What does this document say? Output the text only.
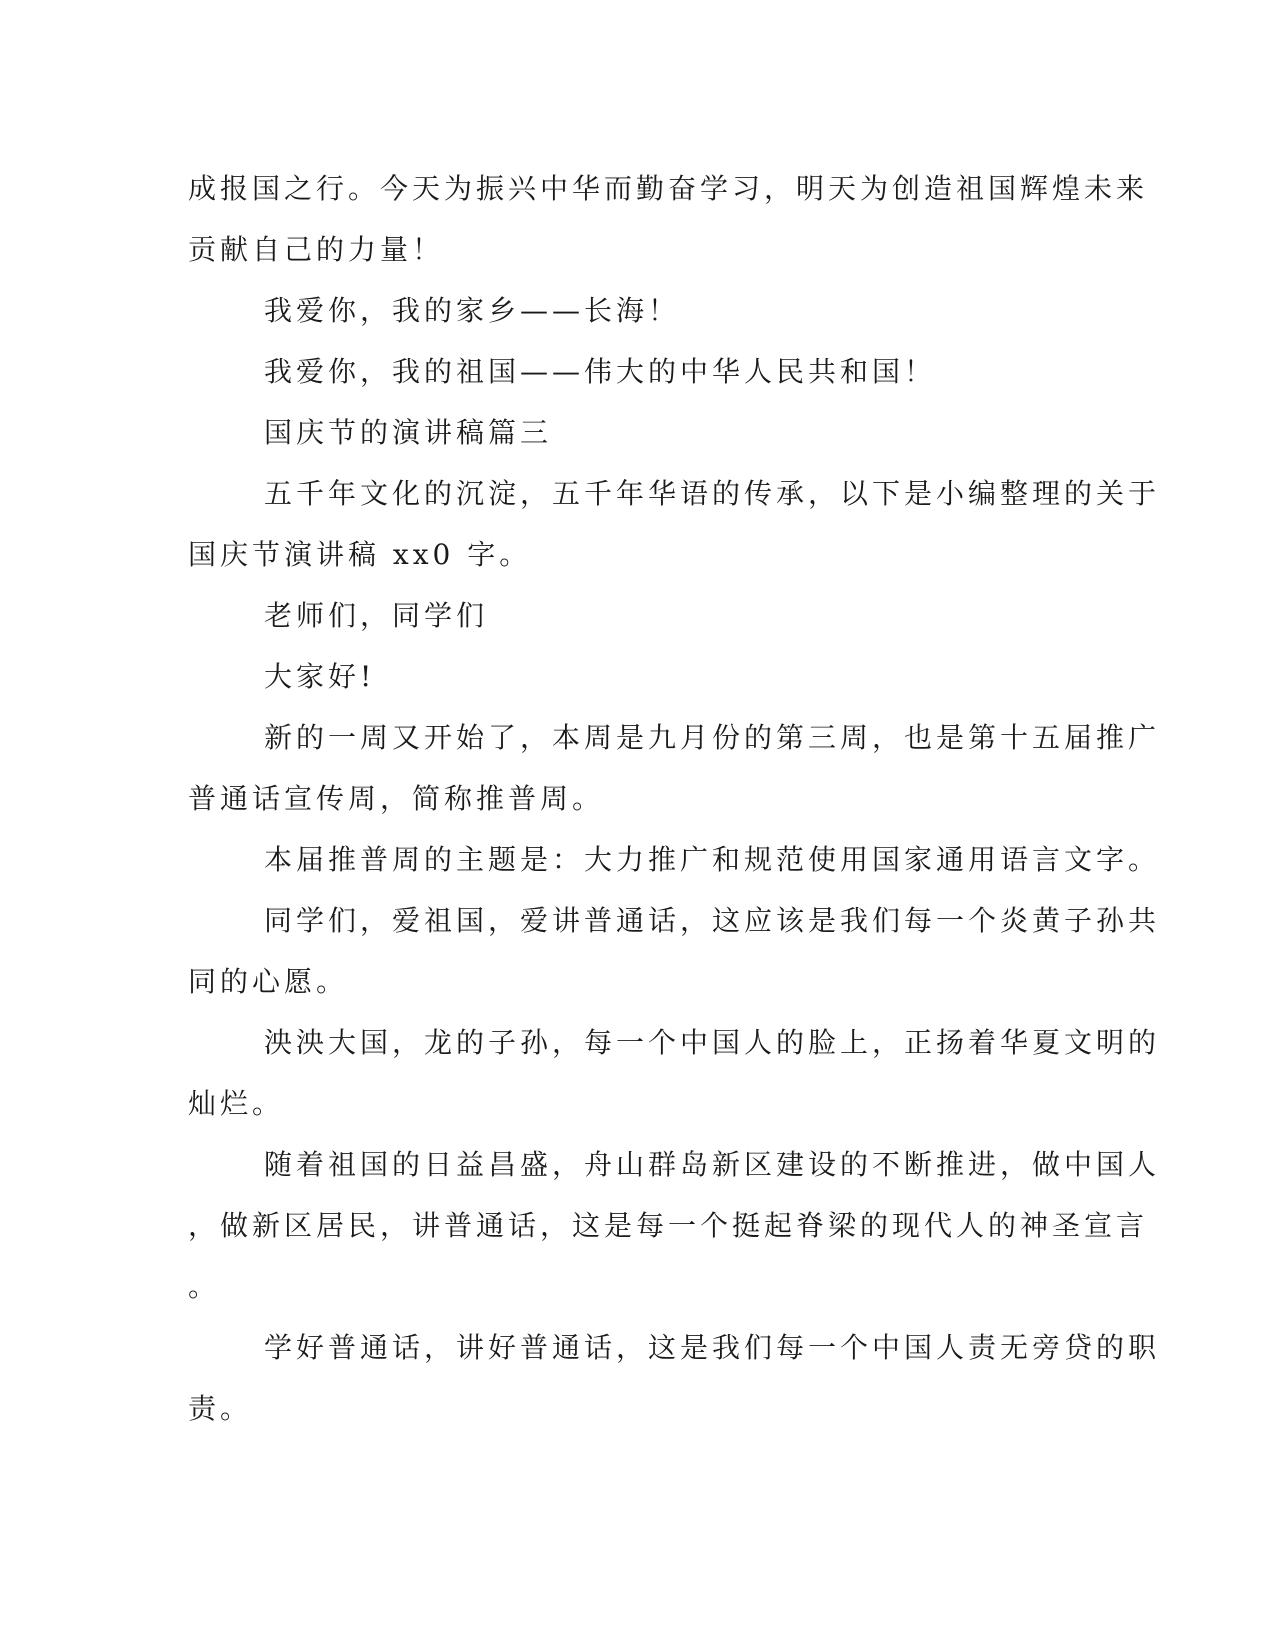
成报国之行。今天为振兴中华而勤奋学习，明天为创造祖国辉煌未来
贡献自己的力量！
我爱你，我的家乡——长海！
我爱你，我的祖国——伟大的中华人民共和国！
国庆节的演讲稿篇三
五千年文化的沉淀，五千年华语的传承，以下是小编整理的关于
国庆节演讲稿 xx0 字。
老师们，同学们
大家好!
新的一周又开始了，本周是九月份的第三周，也是第十五届推广
普通话宣传周，简称推普周。
本届推普周的主题是：大力推广和规范使用国家通用语言文字。
同学们，爱祖国，爱讲普通话，这应该是我们每一个炎黄子孙共
同的心愿。
泱泱大国，龙的子孙，每一个中国人的脸上，正扬着华夏文明的
灿烂。
随着祖国的日益昌盛，舟山群岛新区建设的不断推进，做中国人
，做新区居民，讲普通话，这是每一个挺起脊梁的现代人的神圣宣言
。
学好普通话，讲好普通话，这是我们每一个中国人责无旁贷的职
责。
